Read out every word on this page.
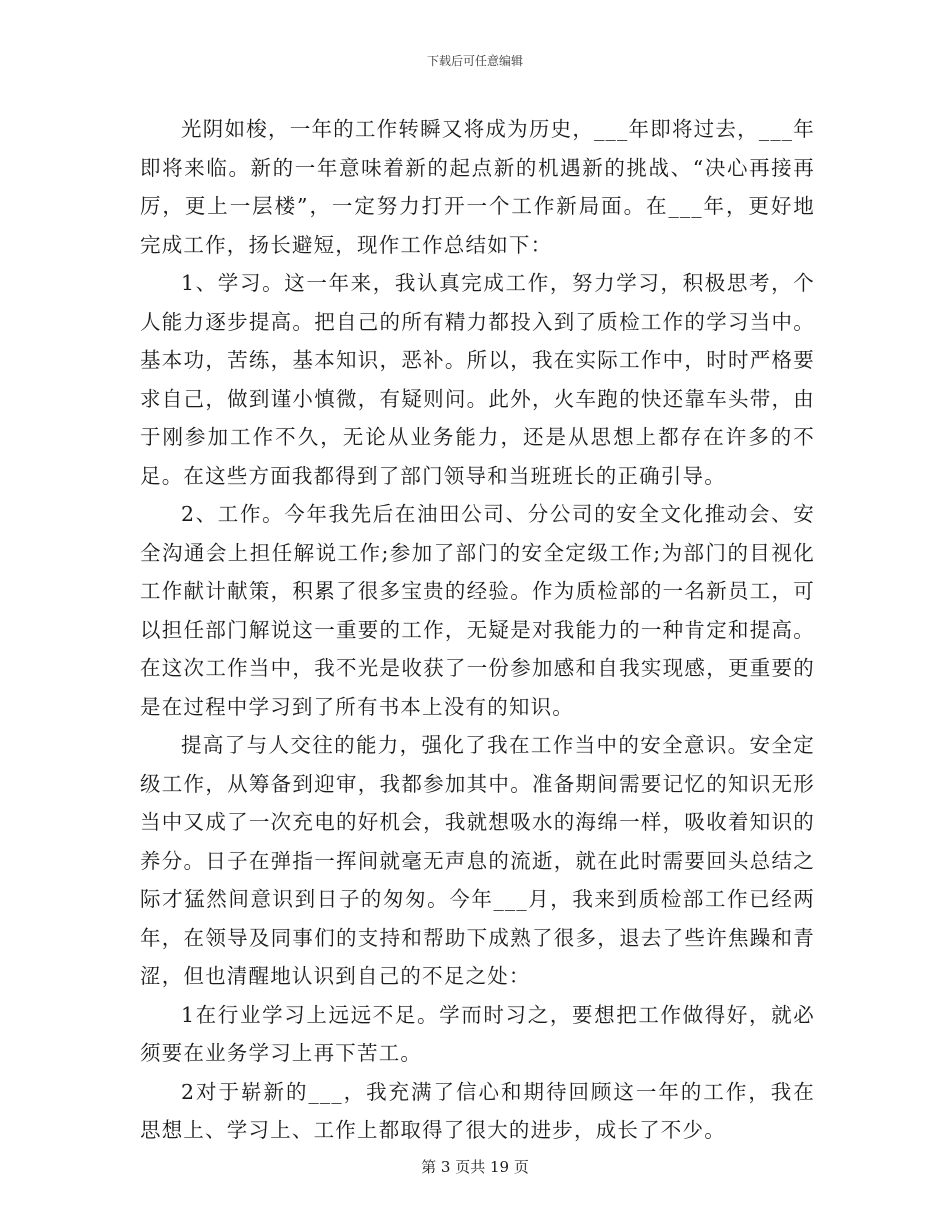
下载后可任意编辑

光阴如梭，一年的工作转瞬又将成为历史，___年即将过去，___年即将来临。新的一年意味着新的起点新的机遇新的挑战、“决心再接再厉，更上一层楼”，一定努力打开一个工作新局面。在___年，更好地完成工作，扬长避短，现作工作总结如下：

1、学习。这一年来，我认真完成工作，努力学习，积极思考，个人能力逐步提高。把自己的所有精力都投入到了质检工作的学习当中。基本功，苦练，基本知识，恶补。所以，我在实际工作中，时时严格要求自己，做到谨小慎微，有疑则问。此外，火车跑的快还靠车头带，由于刚参加工作不久，无论从业务能力，还是从思想上都存在许多的不足。在这些方面我都得到了部门领导和当班班长的正确引导。

2、工作。今年我先后在油田公司、分公司的安全文化推动会、安全沟通会上担任解说工作;参加了部门的安全定级工作;为部门的目视化工作献计献策，积累了很多宝贵的经验。作为质检部的一名新员工，可以担任部门解说这一重要的工作，无疑是对我能力的一种肯定和提高。在这次工作当中，我不光是收获了一份参加感和自我实现感，更重要的是在过程中学习到了所有书本上没有的知识。

提高了与人交往的能力，强化了我在工作当中的安全意识。安全定级工作，从筹备到迎审，我都参加其中。准备期间需要记忆的知识无形当中又成了一次充电的好机会，我就想吸水的海绵一样，吸收着知识的养分。日子在弹指一挥间就毫无声息的流逝，就在此时需要回头总结之际才猛然间意识到日子的匆匆。今年___月，我来到质检部工作已经两年，在领导及同事们的支持和帮助下成熟了很多，退去了些许焦躁和青涩，但也清醒地认识到自己的不足之处：

1在行业学习上远远不足。学而时习之，要想把工作做得好，就必须要在业务学习上再下苦工。

2对于崭新的___，我充满了信心和期待回顾这一年的工作，我在思想上、学习上、工作上都取得了很大的进步，成长了不少。

第 3 页共 19 页
